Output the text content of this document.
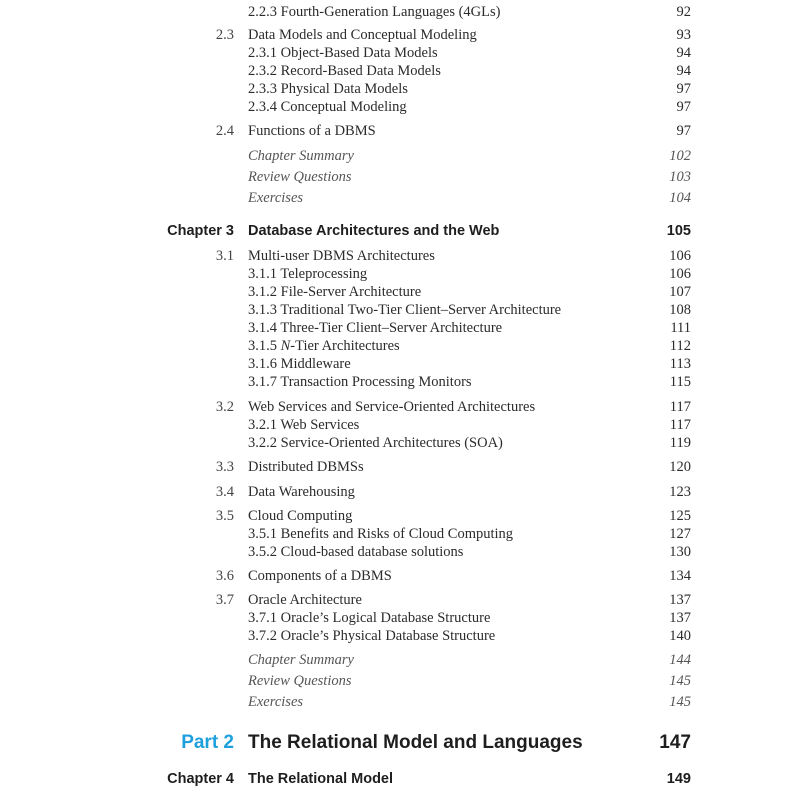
2.2.3 Fourth-Generation Languages (4GLs)	92
2.3 Data Models and Conceptual Modeling	93
2.3.1 Object-Based Data Models	94
2.3.2 Record-Based Data Models	94
2.3.3 Physical Data Models	97
2.3.4 Conceptual Modeling	97
2.4 Functions of a DBMS	97
Chapter Summary	102
Review Questions	103
Exercises	104
Chapter 3 Database Architectures and the Web	105
3.1 Multi-user DBMS Architectures	106
3.1.1 Teleprocessing	106
3.1.2 File-Server Architecture	107
3.1.3 Traditional Two-Tier Client–Server Architecture	108
3.1.4 Three-Tier Client–Server Architecture	111
3.1.5 N-Tier Architectures	112
3.1.6 Middleware	113
3.1.7 Transaction Processing Monitors	115
3.2 Web Services and Service-Oriented Architectures	117
3.2.1 Web Services	117
3.2.2 Service-Oriented Architectures (SOA)	119
3.3 Distributed DBMSs	120
3.4 Data Warehousing	123
3.5 Cloud Computing	125
3.5.1 Benefits and Risks of Cloud Computing	127
3.5.2 Cloud-based database solutions	130
3.6 Components of a DBMS	134
3.7 Oracle Architecture	137
3.7.1 Oracle’s Logical Database Structure	137
3.7.2 Oracle’s Physical Database Structure	140
Chapter Summary	144
Review Questions	145
Exercises	145
Part 2 The Relational Model and Languages	147
Chapter 4 The Relational Model	149
